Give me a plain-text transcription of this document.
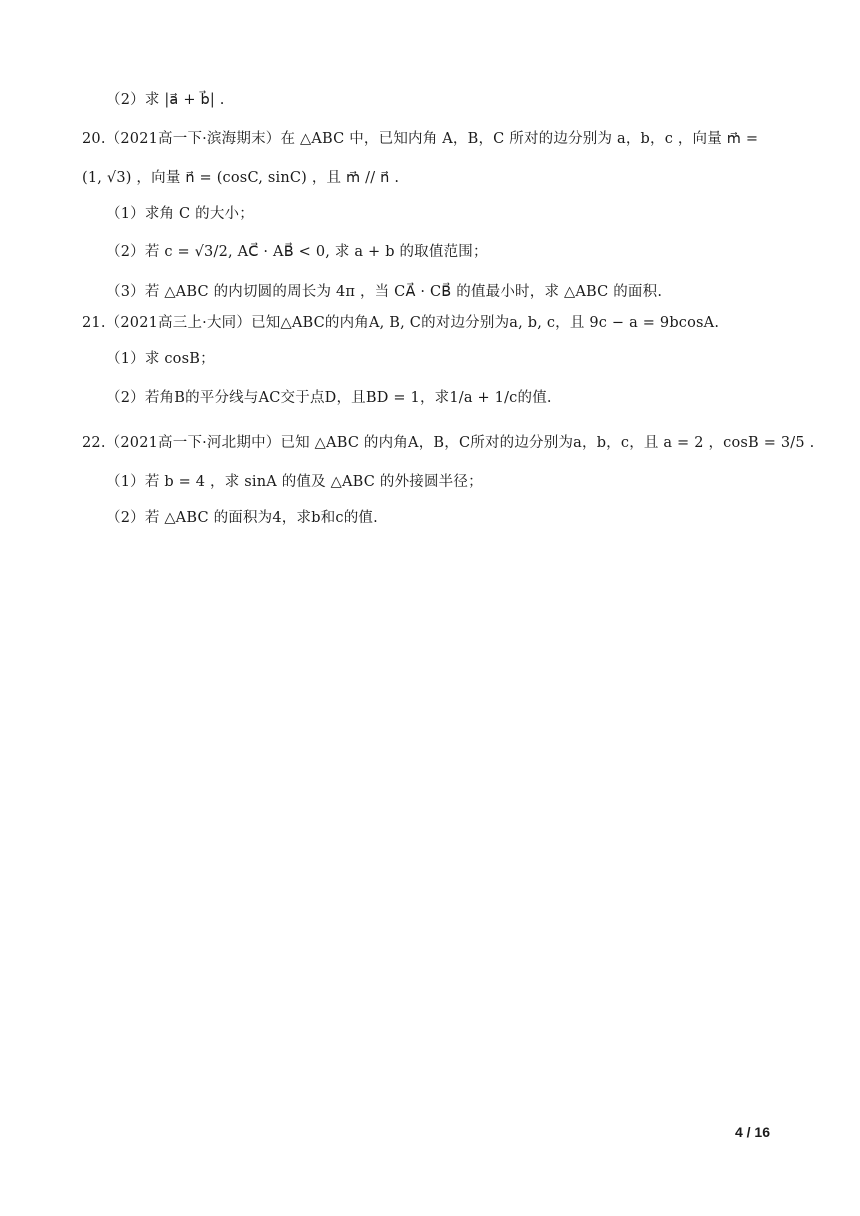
（2）求 |a⃗ + b⃗| .
20.（2021高一下·滨海期末）在 △ABC 中，已知内角 A，B，C 所对的边分别为 a，b，c ，向量 m⃗ =
(1, √3) ，向量 n⃗ = (cosC, sinC) ，且 m⃗ // n⃗ .
（1）求角 C 的大小；
（2）若 c = √3/2, AC⃗ · AB⃗ < 0, 求 a + b 的取值范围；
（3）若 △ABC 的内切圆的周长为 4π ，当 CA⃗ · CB⃗ 的值最小时，求 △ABC 的面积.
21.（2021高三上·大同）已知△ABC的内角A, B, C的对边分别为a, b, c，且 9c − a = 9bcosA.
（1）求 cosB；
（2）若角B的平分线与AC交于点D，且BD = 1，求1/a + 1/c的值.
22.（2021高一下·河北期中）已知 △ABC 的内角A，B，C所对的边分别为a，b，c，且 a = 2 ，cosB = 3/5 .
（1）若 b = 4 ，求 sinA 的值及 △ABC 的外接圆半径；
（2）若 △ABC 的面积为4，求b和c的值.
4 / 16
